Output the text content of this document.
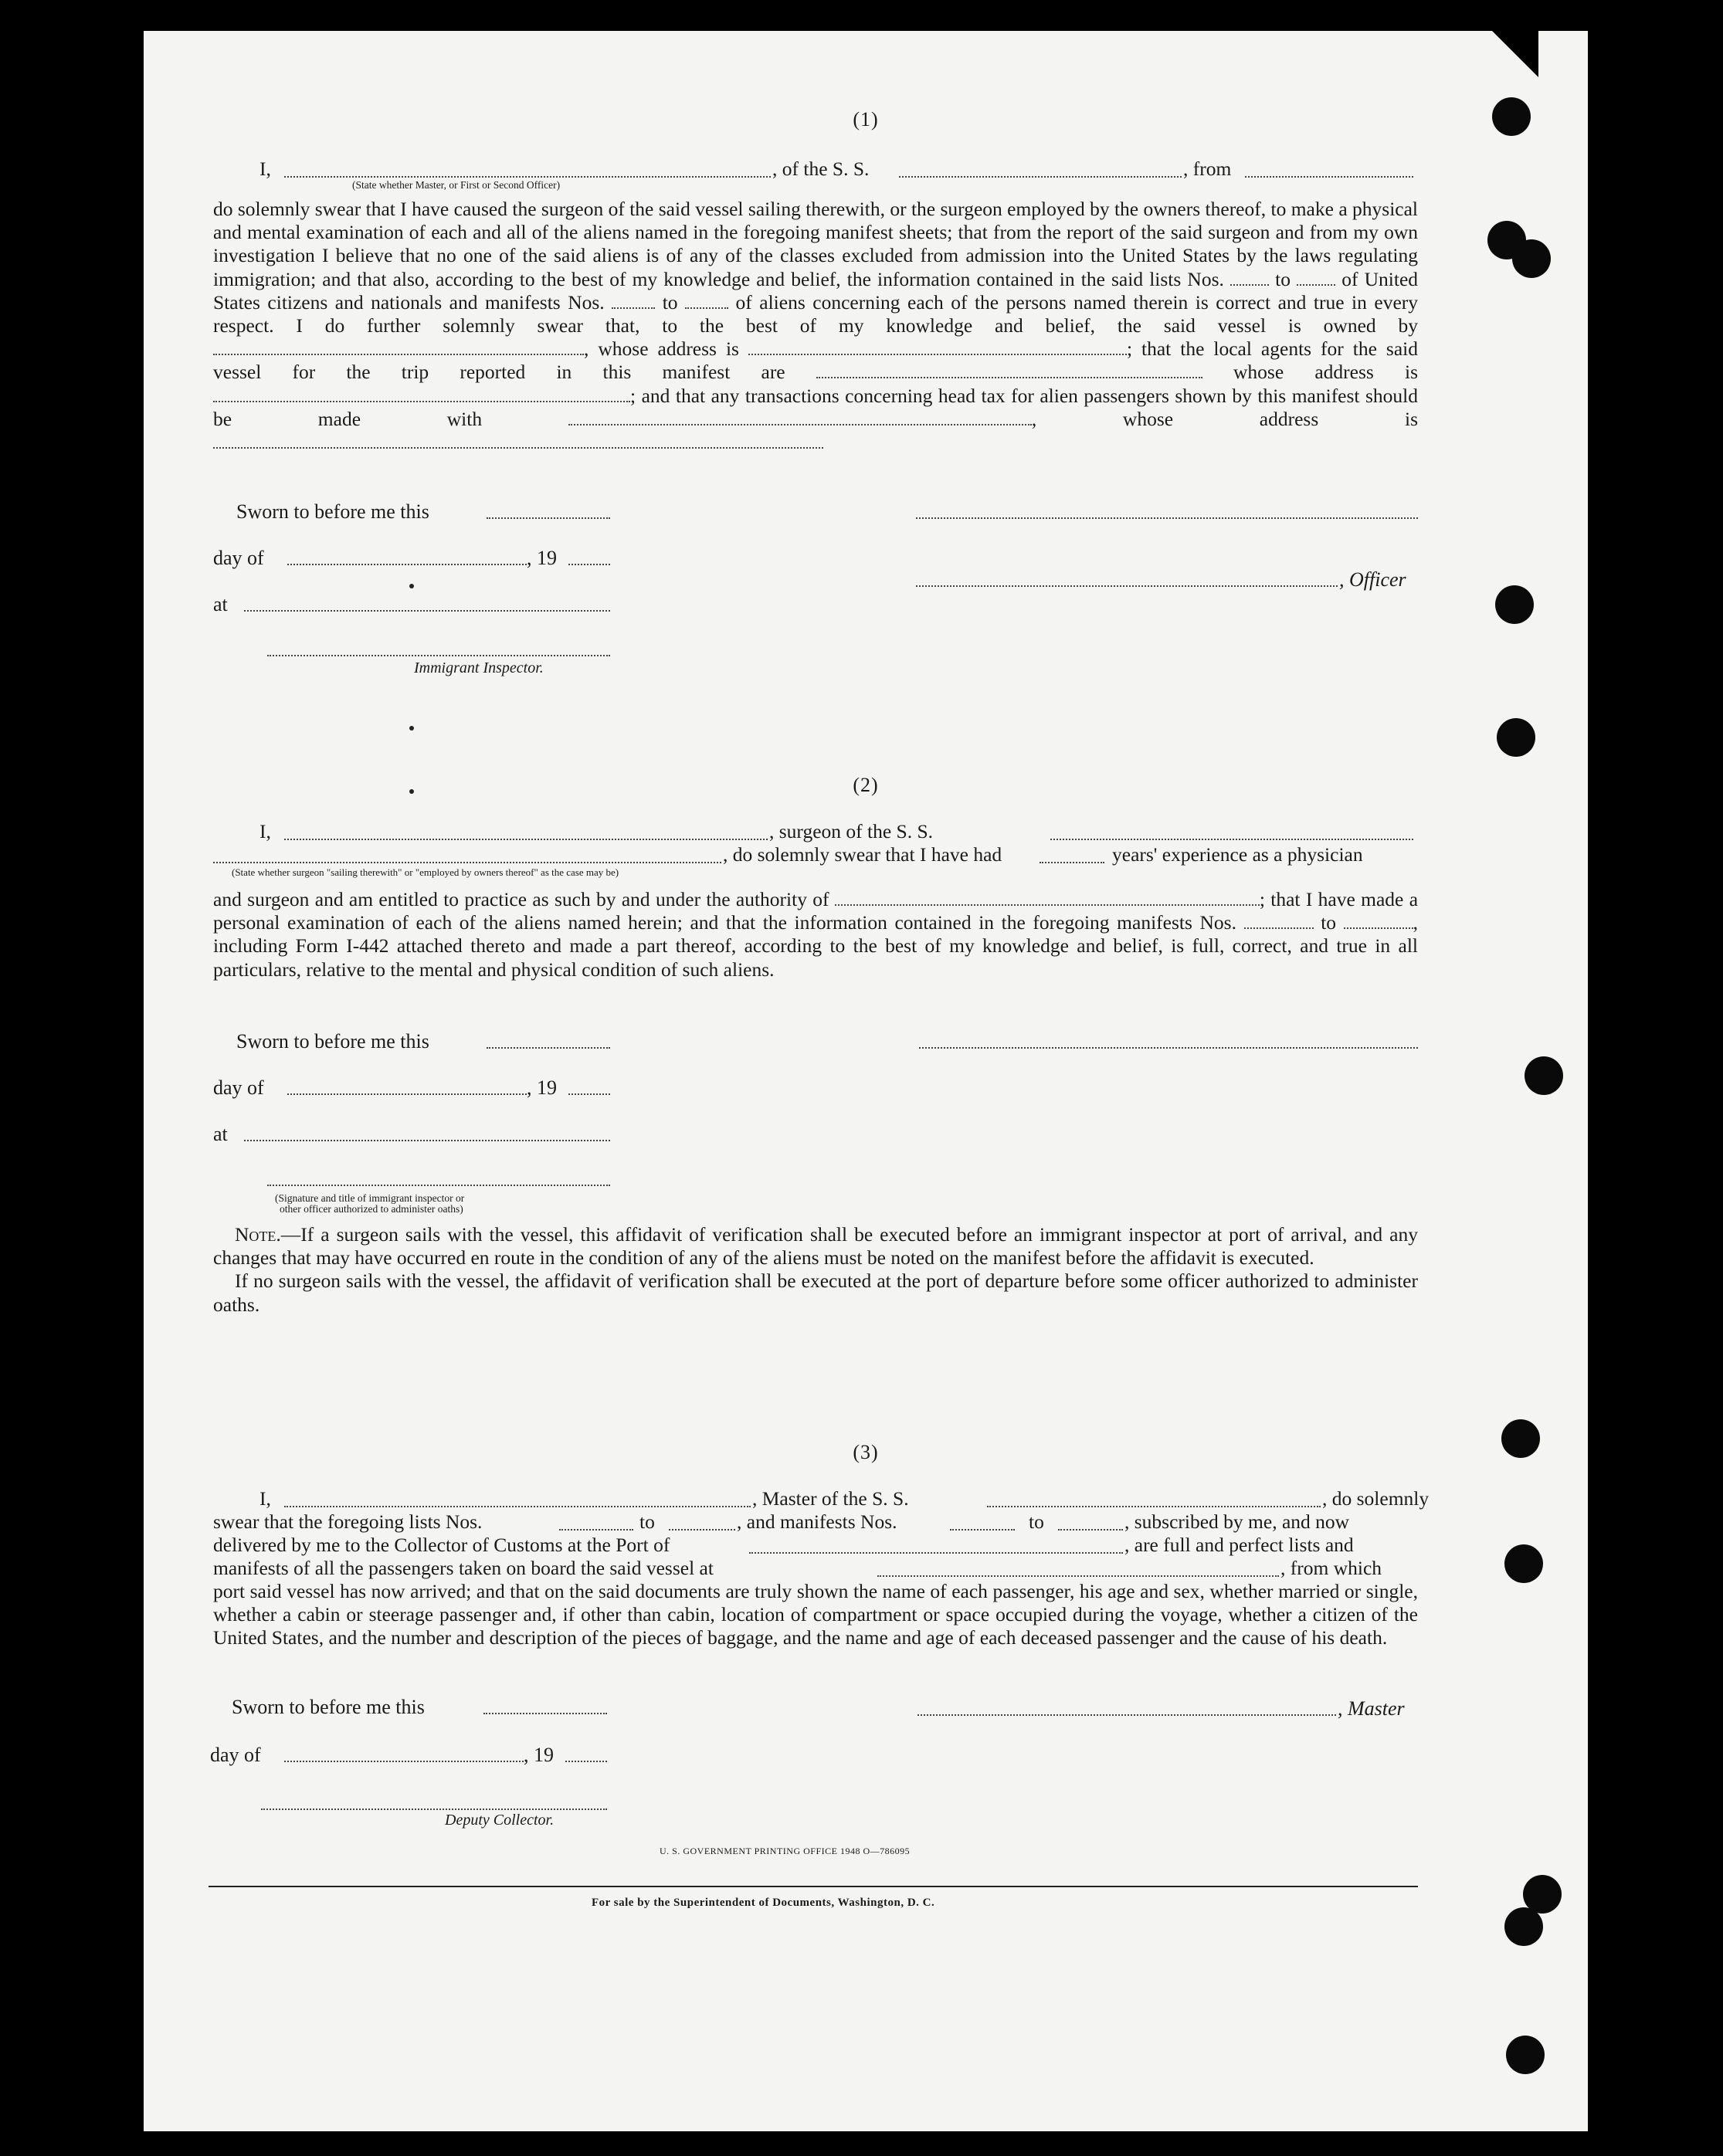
(1)
I,	, of the S. S.	, from
(State whether Master, or First or Second Officer)

do solemnly swear that I have caused the surgeon of the said vessel sailing therewith, or the surgeon employed by the owners thereof, to make a physical and mental examination of each and all of the aliens named in the foregoing manifest sheets; that from the report of the said surgeon and from my own investigation I believe that no one of the said aliens is of any of the classes excluded from admission into the United States by the laws regulating immigration; and that also, according to the best of my knowledge and belief, the information contained in the said lists Nos.	to	of United States citizens and nationals and manifests Nos.	to	of aliens concerning each of the persons named therein is correct and true in every respect. I do further solemnly swear that, to the best of my knowledge and belief, the said vessel is owned by , whose address is	; that the local agents for the said vessel for the trip reported in this manifest are	whose address is ; and that any transactions concerning head tax for alien passengers shown by this manifest should be made with	, whose address is

Sworn to before me this
day of	, 19
, Officer
at
Immigrant Inspector.
(2)
I,	, surgeon of the S. S.
, do solemnly swear that I have had	years' experience as a physician
(State whether surgeon "sailing therewith" or "employed by owners thereof" as the case may be)

and surgeon and am entitled to practice as such by and under the authority of	; that I have made a personal examination of each of the aliens named herein; and that the information contained in the foregoing manifests Nos.	to	, including Form I-442 attached thereto and made a part thereof, according to the best of my knowledge and belief, is full, correct, and true in all particulars, relative to the mental and physical condition of such aliens.

Sworn to before me this
day of	, 19
at
(Signature and title of immigrant inspector or
other officer authorized to administer oaths)

Note.—If a surgeon sails with the vessel, this affidavit of verification shall be executed before an immigrant inspector at port of arrival, and any changes that may have occurred en route in the condition of any of the aliens must be noted on the manifest before the affidavit is executed.

If no surgeon sails with the vessel, the affidavit of verification shall be executed at the port of departure before some officer authorized to administer oaths.

(3)
I,	, Master of the S. S.	, do solemnly
swear that the foregoing lists Nos.	to	, and manifests Nos.	to	, subscribed by me, and now
delivered by me to the Collector of Customs at the Port of	, are full and perfect lists and
manifests of all the passengers taken on board the said vessel at	, from which

port said vessel has now arrived; and that on the said documents are truly shown the name of each passenger, his age and sex, whether married or single, whether a cabin or steerage passenger and, if other than cabin, location of compartment or space occupied during the voyage, whether a citizen of the United States, and the number and description of the pieces of baggage, and the name and age of each deceased passenger and the cause of his death.

Sworn to before me this	, Master
day of	, 19
Deputy Collector.
U. S. GOVERNMENT PRINTING OFFICE 1948 O—786095
For sale by the Superintendent of Documents, Washington, D. C.
